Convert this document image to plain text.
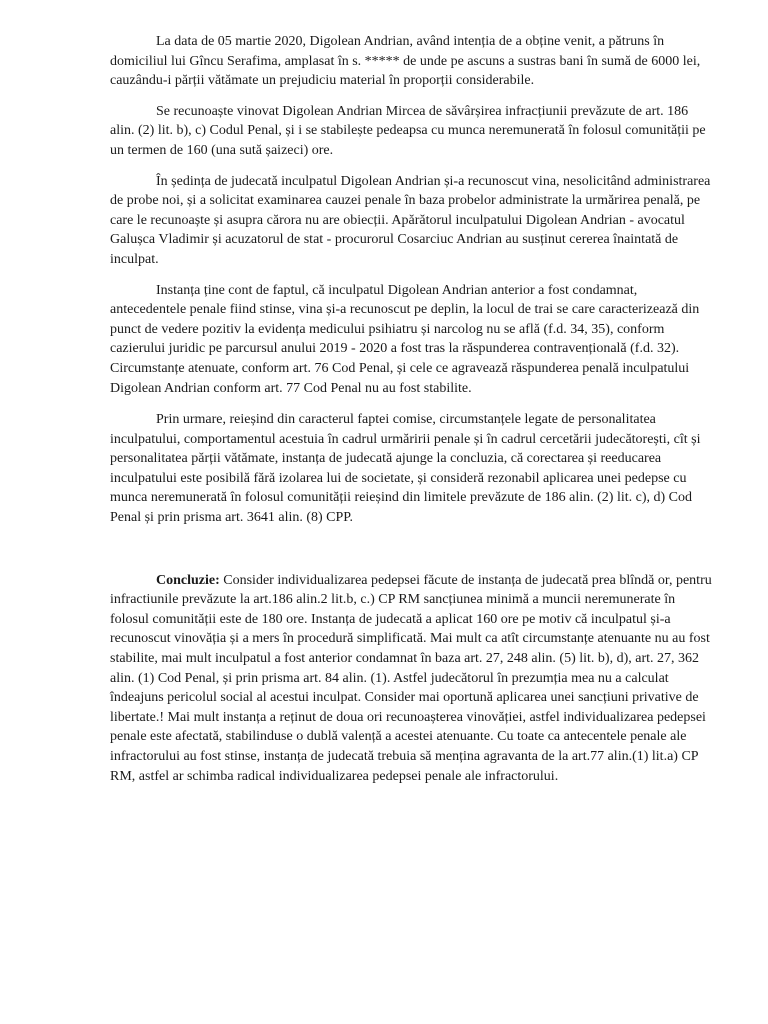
La data de 05 martie 2020, Digolean Andrian, având intenția de a obține venit, a pătruns în domiciliul lui Gîncu Serafima, amplasat în s. ***** de unde pe ascuns a sustras bani în sumă de 6000 lei, cauzându-i părții vătămate un prejudiciu material în proporții considerabile.

Se recunoaște vinovat Digolean Andrian Mircea de săvârșirea infracțiunii prevăzute de art. 186 alin. (2) lit. b), c) Codul Penal, și i se stabilește pedeapsa cu munca neremunerată în folosul comunității pe un termen de 160 (una sută șaizeci) ore.

În ședința de judecată inculpatul Digolean Andrian și-a recunoscut vina, nesolicitând administrarea de probe noi, și a solicitat examinarea cauzei penale în baza probelor administrate la urmărirea penală, pe care le recunoaște și asupra cărora nu are obiecții. Apărătorul inculpatului Digolean Andrian - avocatul Galușca Vladimir și acuzatorul de stat - procurorul Cosarciuc Andrian au susținut cererea înaintată de inculpat.

Instanța ține cont de faptul, că inculpatul Digolean Andrian anterior a fost condamnat, antecedentele penale fiind stinse, vina și-a recunoscut pe deplin, la locul de trai se care caracterizează din punct de vedere pozitiv la evidența medicului psihiatru și narcolog nu se află (f.d. 34, 35), conform cazierului juridic pe parcursul anului 2019 - 2020 a fost tras la răspunderea contravențională (f.d. 32). Circumstanțe atenuate, conform art. 76 Cod Penal, și cele ce agravează răspunderea penală inculpatului Digolean Andrian conform art. 77 Cod Penal nu au fost stabilite.

Prin urmare, reieșind din caracterul faptei comise, circumstanțele legate de personalitatea inculpatului, comportamentul acestuia în cadrul urmăririi penale și în cadrul cercetării judecătorești, cît și personalitatea părții vătămate, instanța de judecată ajunge la concluzia, că corectarea și reeducarea inculpatului este posibilă fără izolarea lui de societate, și consideră rezonabil aplicarea unei pedepse cu munca neremunerată în folosul comunității reieșind din limitele prevăzute de 186 alin. (2) lit. c), d) Cod Penal și prin prisma art. 3641 alin. (8) CPP.

Concluzie: Consider individualizarea pedepsei făcute de instanța de judecată prea blîndă or, pentru infractiunile prevăzute la art.186 alin.2 lit.b, c.) CP RM sancțiunea minimă a muncii neremunerate în folosul comunității este de 180 ore. Instanța de judecată a aplicat 160 ore pe motiv că inculpatul și-a recunoscut vinovăția și a mers în procedură simplificată. Mai mult ca atît circumstanțe atenuante nu au fost stabilite, mai mult inculpatul a fost anterior condamnat în baza art. 27, 248 alin. (5) lit. b), d), art. 27, 362 alin. (1) Cod Penal, și prin prisma art. 84 alin. (1). Astfel judecătorul în prezumția mea nu a calculat îndeajuns pericolul social al acestui inculpat. Consider mai oportună aplicarea unei sancțiuni privative de libertate.! Mai mult instanța a reținut de doua ori recunoașterea vinovăției, astfel individualizarea pedepsei penale este afectată, stabilinduse o dublă valență a acestei atenuante. Cu toate ca antecentele penale ale infractorului au fost stinse, instanța de judecată trebuia să mențina agravanta de la art.77 alin.(1) lit.a) CP RM, astfel ar schimba radical individualizarea pedepsei penale ale infractorului.
